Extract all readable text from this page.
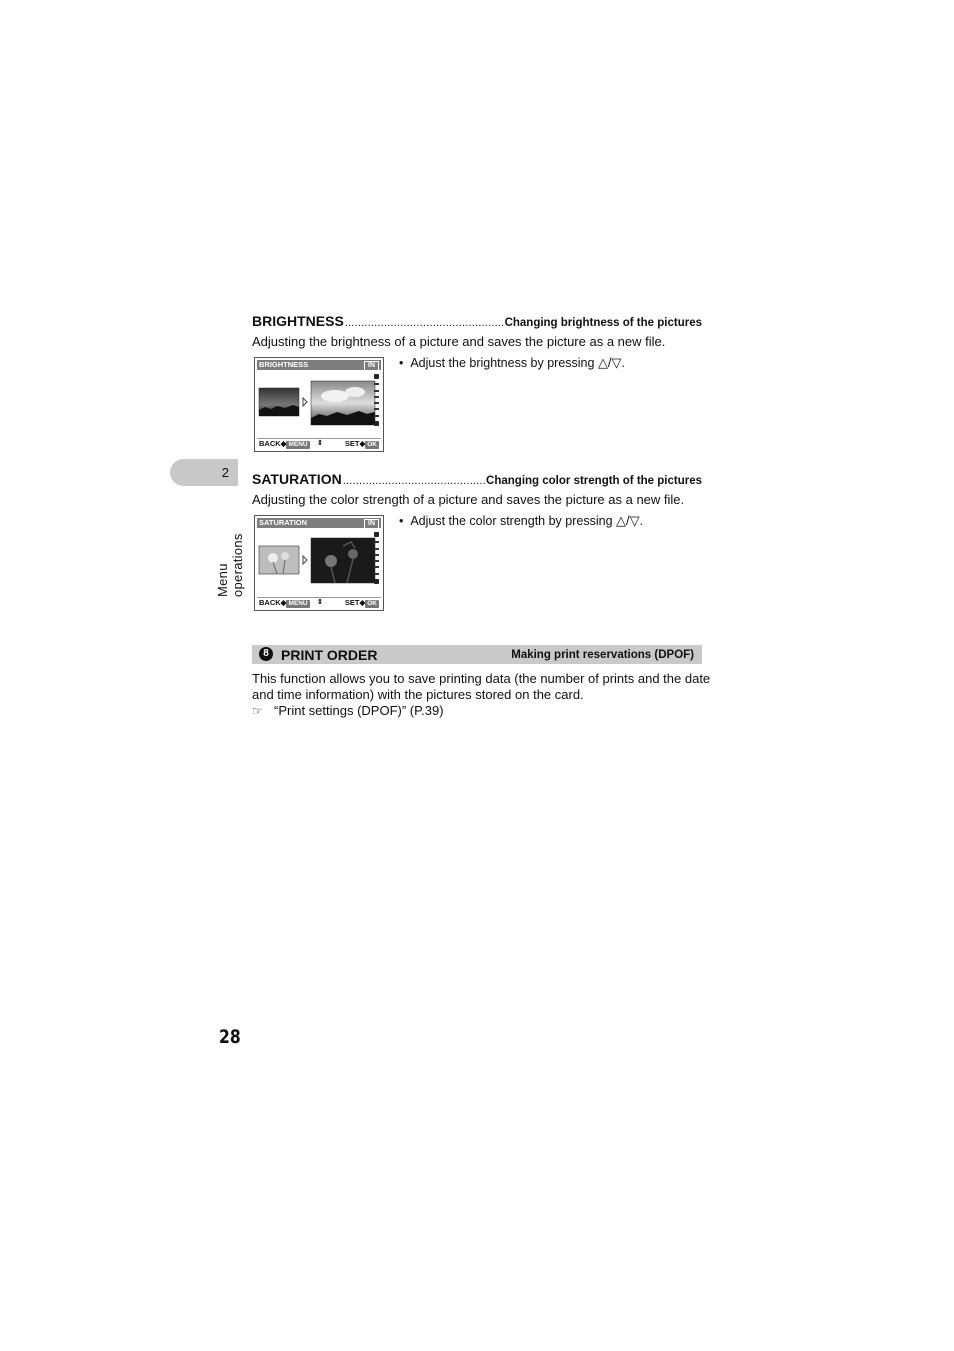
2
Menu operations
BRIGHTNESS .....	Changing brightness of the pictures
Adjusting the brightness of a picture and saves the picture as a new file.
BRIGHTNESS	IN
BACK◆ MENU ⇕	SET◆ OK
•  Adjust the brightness by pressing △/▽.
SATURATION .....	Changing color strength of the pictures
Adjusting the color strength of a picture and saves the picture as a new file.
SATURATION	IN
BACK◆ MENU ⇕	SET◆ OK
•  Adjust the color strength by pressing △/▽.
8 PRINT ORDER	Making print reservations (DPOF)
This function allows you to save printing data (the number of prints and the date
and time information) with the pictures stored on the card.
☞ “Print settings (DPOF)” (P.39)
28
